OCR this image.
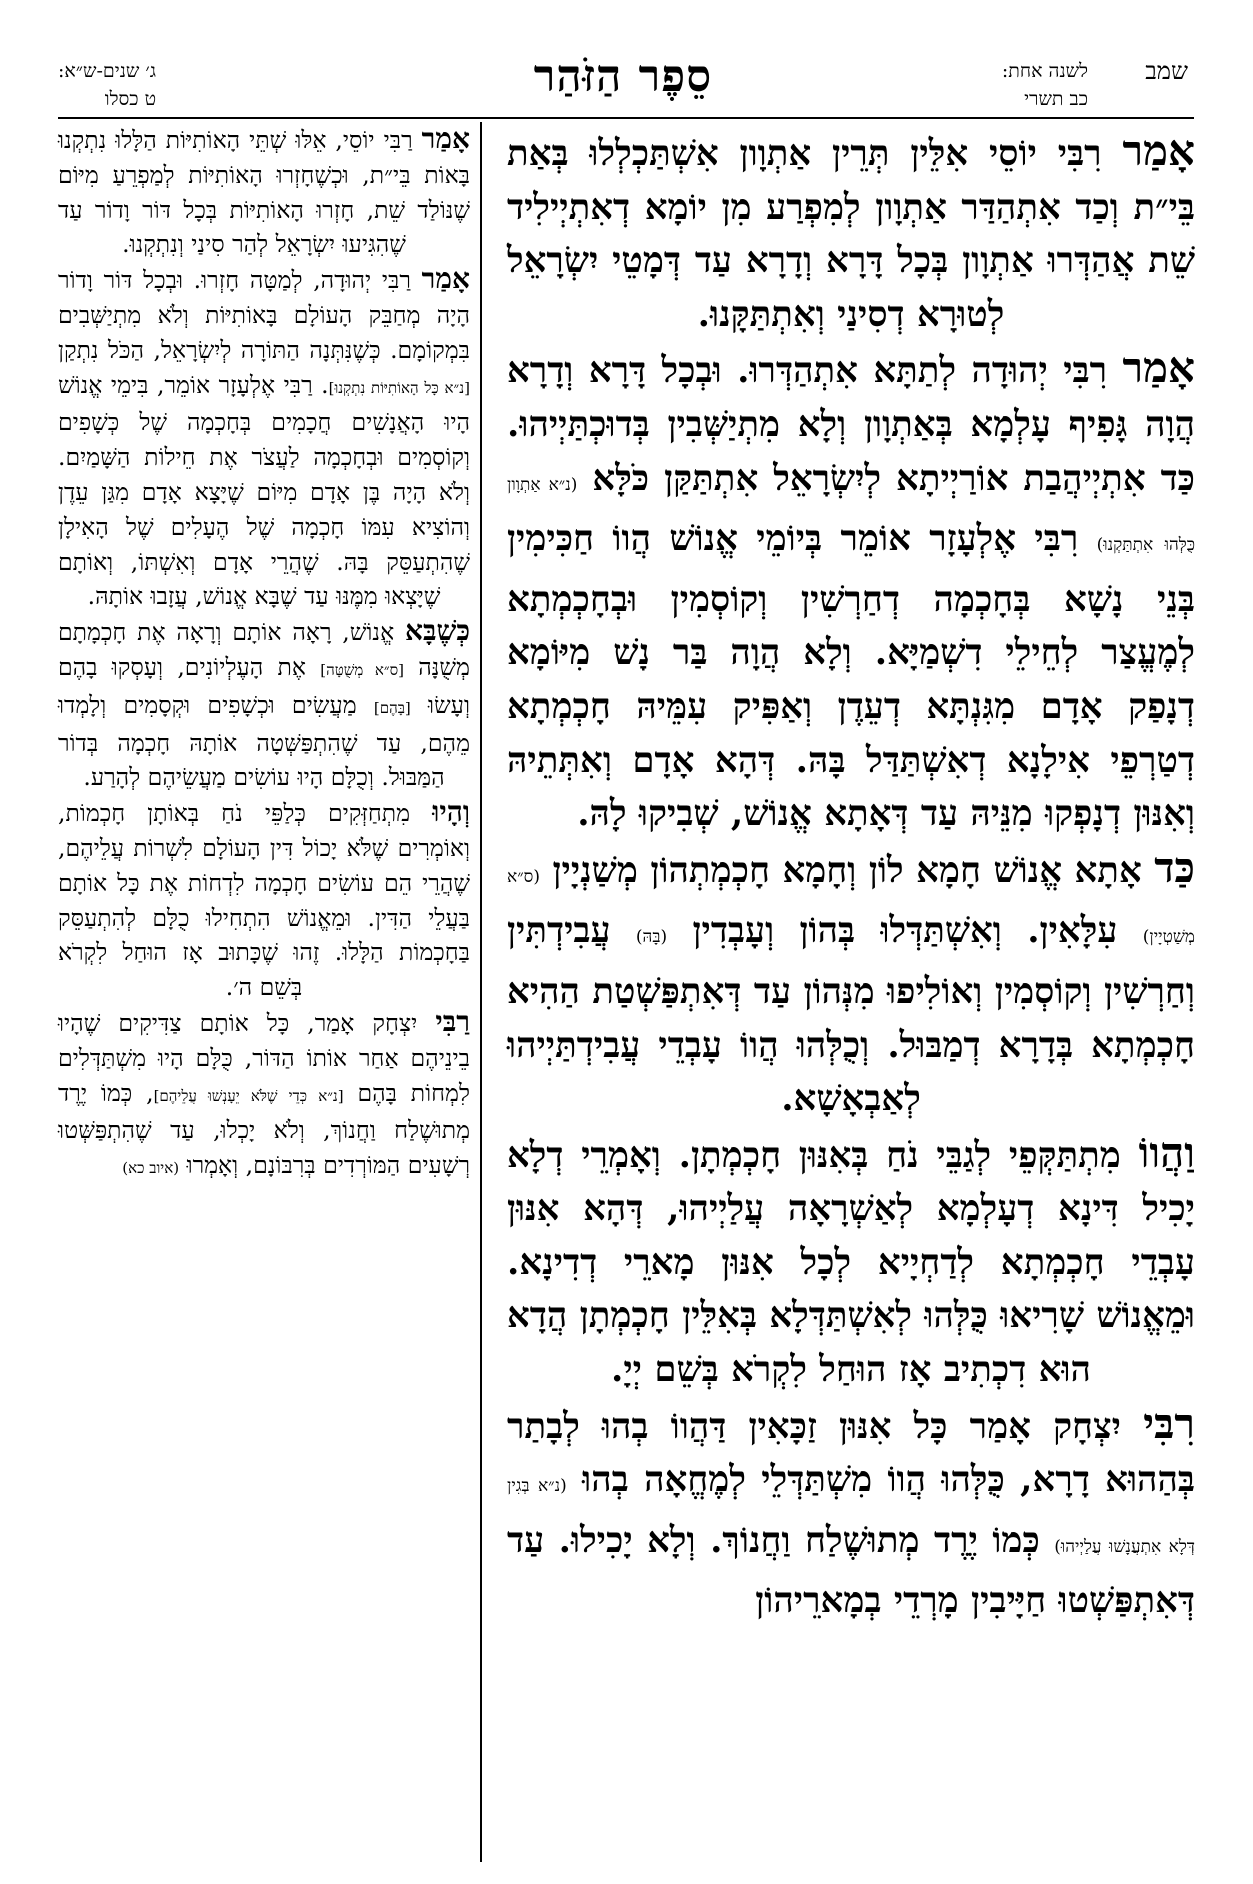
שמב
לשנה אחת:
כב תשרי
סֵפֶר הַזֹּהַר
ג׳ שנים-ש״א:
ט כסלו

אָמַר רִבִּי יוֹסֵי אִלֵּין תְּרֵין אַתְוָון אִשְׁתַּכְלְלוּ בְּאַת בֵּי״ת וְכַד אִתְהַדַּר אַתְוָון לְמִפְרַע מִן יוֹמָא דְאִתְיְילִיד שֵׁת אֲהַדְּרוּ אַתְוָון בְּכָל דָּרָא וְדָרָא עַד דְּמָטֵי יִשְׂרָאֵל לְטוּרָא דְסִינַי וְאִתְתַּקָּנוּ.

אָמַר רִבִּי יְהוּדָה לְתַתָּא אִתְהַדְּרוּ. וּבְכָל דָּרָא וְדָרָא הֲוָה גָּפִיף עָלְמָא בְּאַתְוָון וְלָא מִתְיַשְּׁבִין בְּדוּכְתַּיְיהוּ. כַּד אִתְיְיהֲבַת אוֹרַיְיתָא לְיִשְׂרָאֵל אִתְתַּקַּן כֹּלָּא (נ״א אַתְוָון כֻּלְּהוּ אִתְתַּקְנוּ) רִבִּי אֶלְעָזָר אוֹמֵר בְּיוֹמֵי אֱנוֹשׁ הֲווֹ חַכִּימִין בְּנֵי נָשָׁא בְּחָכְמָה דְחַרְשִׁין וְקוֹסְמִין וּבְחָכְמְתָא לְמֶעֱצַר לְחֵילֵי דִשְׁמַיָּא. וְלָא הֲוָה בַּר נָשׁ מִיּוֹמָא דְנָפַק אָדָם מִגִּנְתָּא דְעֵדֶן וְאַפִּיק עִמֵּיהּ חָכְמְתָא דְטַרְפֵי אִילָנָא דְאִשְׁתַּדַּל בָּהּ. דְּהָא אָדָם וְאִתְּתֵיהּ וְאִנּוּן דְנָפְקוּ מִנֵּיהּ עַד דְּאָתָא אֱנוֹשׁ, שְׁבִיקוּ לָהּ.

כַּד אָתָא אֱנוֹשׁ חָמָא לוֹן וְחָמָא חָכְמְתְהוֹן מְשַׁנְיָין (ס״א מְשַׁטְיָין) עִלָּאִין. וְאִשְׁתַּדְּלוּ בְּהוֹן וְעָבְדִין (בָּהּ) עֲבִידְתִּין וְחַרְשִׁין וְקוֹסְמִין וְאוֹלִיפוּ מִנְּהוֹן עַד דְּאִתְפַּשְׁטַת הַהִיא חָכְמְתָא בְּדָרָא דְמַבּוּל. וְכֻלְּהוּ הֲווֹ עָבְדֵי עֲבִידְתַּיְיהוּ לְאַבְאָשָׁא.

וַהֲווֹ מִתְתַּקְּפֵי לְגַבֵּי נֹחַ בְּאִנּוּן חָכְמְתָן. וְאָמְרֵי דְלָא יָכִיל דִּינָא דְעָלְמָא לְאַשְׁרָאָה עֲלַיְיהוּ, דְּהָא אִנּוּן עָבְדֵי חָכְמְתָא לְדַחְיָיא לְכָל אִנּוּן מָארֵי דְדִינָא. וּמֵאֱנוֹשׁ שָׁרִיאוּ כֻּלְּהוּ לְאִשְׁתַּדְּלָא בְּאִלֵּין חָכְמְתָן הֲדָא הוּא דִכְתִיב אָז הוּחַל לִקְרֹא בְּשֵׁם יְיָ.

רִבִּי יִצְחָק אָמַר כָּל אִנּוּן זַכָּאִין דַּהֲווֹ בְהוּ לְבָתַר בְּהַהוּא דָרָא, כֻּלְּהוּ הֲווֹ מִשְׁתַּדְּלֵי לְמֶחֱאָה בְהוּ (נ״א בְּגִין דְּלָא אִתְעֲנָשׁוּ עֲלַיְיהוּ) כְּמוֹ יֶרֶד מְתוּשֶׁלַח וַחֲנוֹךְ. וְלָא יָכִילוּ. עַד דְּאִתְפַּשְׁטוּ חַיָּיבִין מָרְדֵי בְמָארֵיהוֹן

אָמַר רַבִּי יוֹסֵי, אֵלּוּ שְׁתֵּי הָאוֹתִיּוֹת הַלָּלוּ נִתְקְנוּ בָּאוֹת בֵּי״ת, וּכְשֶׁחָזְרוּ הָאוֹתִיּוֹת לְמַפְרֵעַ מִיּוֹם שֶׁנּוֹלַד שֵׁת, חָזְרוּ הָאוֹתִיּוֹת בְּכָל דּוֹר וָדוֹר עַד שֶׁהִגִּיעוּ יִשְׂרָאֵל לְהַר סִינַי וְנִתְקְנוּ.

אָמַר רַבִּי יְהוּדָה, לְמַטָּה חָזְרוּ. וּבְכָל דּוֹר וָדוֹר הָיָה מְחַבֵּק הָעוֹלָם בָּאוֹתִיּוֹת וְלֹא מִתְיַשְּׁבִים בִּמְקוֹמָם. כְּשֶׁנִּתְּנָה הַתּוֹרָה לְיִשְׂרָאֵל, הַכֹּל נִתְקַן [נ״א כָּל הָאוֹתִיּוֹת נִתְקְנוּ]. רַבִּי אֶלְעָזָר אוֹמֵר, בִּימֵי אֱנוֹשׁ הָיוּ הָאֲנָשִׁים חֲכָמִים בְּחָכְמָה שֶׁל כְּשָׁפִים וְקוֹסְמִים וּבְחָכְמָה לַעֲצֹר אֶת חֵילוֹת הַשָּׁמַיִם. וְלֹא הָיָה בֶּן אָדָם מִיּוֹם שֶׁיָּצָא אָדָם מִגַּן עֵדֶן וְהוֹצִיא עִמּוֹ חָכְמָה שֶׁל הֶעָלִים שֶׁל הָאִילָן שֶׁהִתְעַסֵּק בָּהּ. שֶׁהֲרֵי אָדָם וְאִשְׁתּוֹ, וְאוֹתָם שֶׁיָּצְאוּ מִמֶּנּוּ עַד שֶׁבָּא אֱנוֹשׁ, עֲזָבוּ אוֹתָהּ.

כְּשֶׁבָּא אֱנוֹשׁ, רָאָה אוֹתָם וְרָאָה אֶת חָכְמָתָם מְשֻׁנָּה [ס״א מְשֻׁטָּה] אֶת הָעֶלְיוֹנִים, וְעָסְקוּ בָהֶם וְעָשׂוּ [בָּהֶם] מַעֲשִׂים וּכְשָׁפִים וּקְסָמִים וְלָמְדוּ מֵהֶם, עַד שֶׁהִתְפַּשְּׁטָה אוֹתָהּ חָכְמָה בְּדוֹר הַמַּבּוּל. וְכֻלָּם הָיוּ עוֹשִׂים מַעֲשֵׂיהֶם לְהָרַע.

וְהָיוּ מִתְחַזְּקִים כְּלַפֵּי נֹחַ בְּאוֹתָן חָכְמוֹת, וְאוֹמְרִים שֶׁלֹּא יָכוֹל דִּין הָעוֹלָם לִשְׁרוֹת עֲלֵיהֶם, שֶׁהֲרֵי הֵם עוֹשִׂים חָכְמָה לִדְחוֹת אֶת כָּל אוֹתָם בַּעֲלֵי הַדִּין. וּמֵאֱנוֹשׁ הִתְחִילוּ כֻלָּם לְהִתְעַסֵּק בַּחָכְמוֹת הַלָּלוּ. זֶהוּ שֶׁכָּתוּב אָז הוּחַל לִקְרֹא בְּשֵׁם ה׳.

רַבִּי יִצְחָק אָמַר, כָּל אוֹתָם צַדִּיקִים שֶׁהָיוּ בֵינֵיהֶם אַחַר אוֹתוֹ הַדּוֹר, כֻּלָּם הָיוּ מִשְׁתַּדְּלִים לִמְחוֹת בָּהֶם [נ״א כְּדֵי שֶׁלֹּא יֵעָנְשׁוּ עֲלֵיהֶם], כְּמוֹ יֶרֶד מְתוּשֶׁלַח וַחֲנוֹךְ, וְלֹא יָכְלוּ, עַד שֶׁהִתְפַּשְּׁטוּ רְשָׁעִים הַמּוֹרְדִים בְּרִבּוֹנָם, וְאָמְרוּ (איוב כא)
